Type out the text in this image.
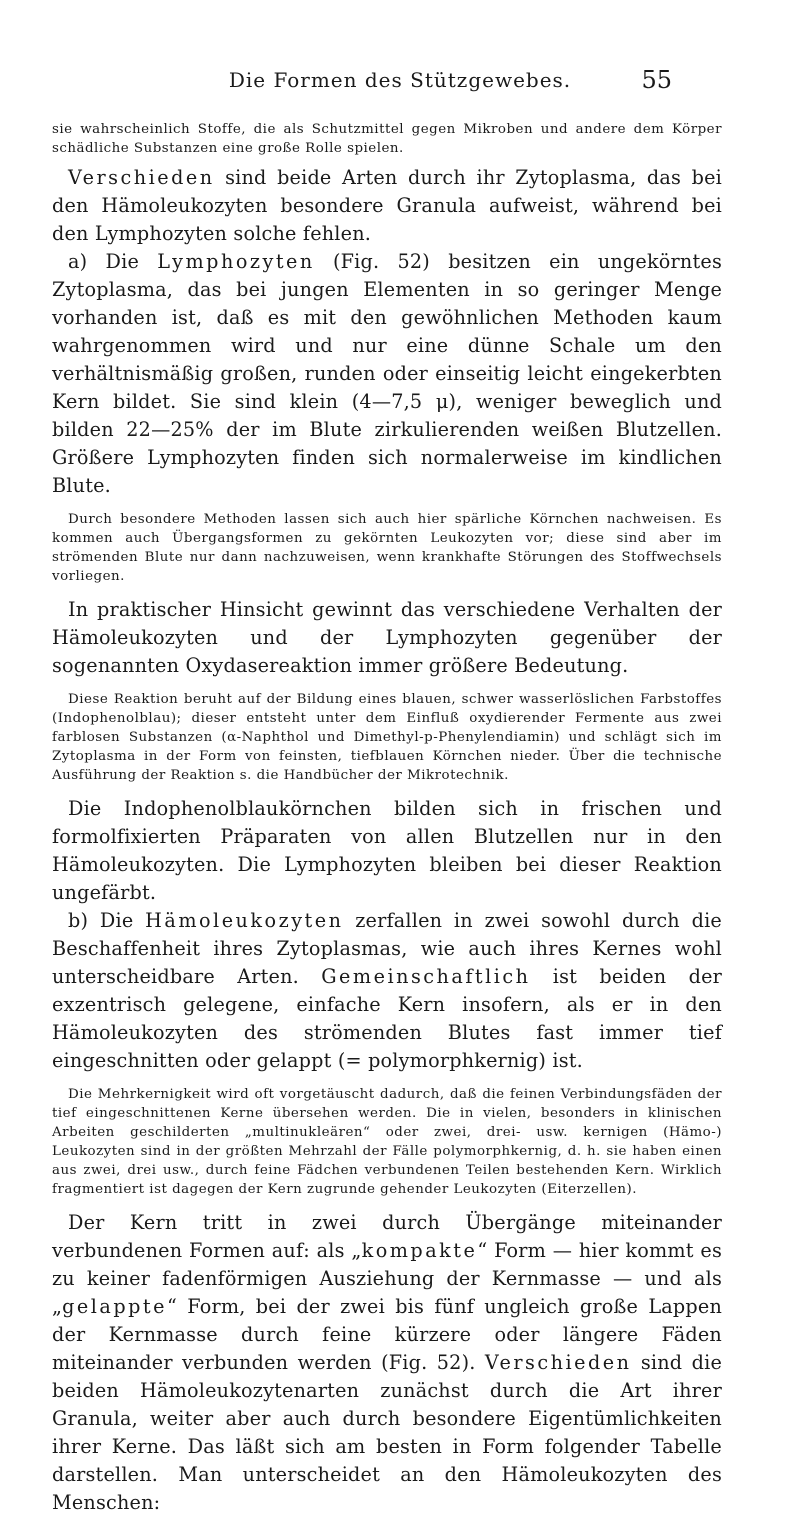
Die Formen des Stützgewebes.	55

sie wahrscheinlich Stoffe, die als Schutzmittel gegen Mikroben und andere dem Körper schädliche Substanzen eine große Rolle spielen.

Verschieden sind beide Arten durch ihr Zytoplasma, das bei den Hämoleukozyten besondere Granula aufweist, während bei den Lymphozyten solche fehlen.

a) Die Lymphozyten (Fig. 52) besitzen ein ungekörntes Zytoplasma, das bei jungen Elementen in so geringer Menge vorhanden ist, daß es mit den gewöhnlichen Methoden kaum wahrgenommen wird und nur eine dünne Schale um den verhältnismäßig großen, runden oder einseitig leicht eingekerbten Kern bildet. Sie sind klein (4—7,5 μ), weniger beweglich und bilden 22—25% der im Blute zirkulierenden weißen Blutzellen. Größere Lymphozyten finden sich normalerweise im kindlichen Blute.

Durch besondere Methoden lassen sich auch hier spärliche Körnchen nachweisen. Es kommen auch Übergangsformen zu gekörnten Leukozyten vor; diese sind aber im strömenden Blute nur dann nachzuweisen, wenn krankhafte Störungen des Stoffwechsels vorliegen.

In praktischer Hinsicht gewinnt das verschiedene Verhalten der Hämoleukozyten und der Lymphozyten gegenüber der sogenannten Oxydasereaktion immer größere Bedeutung.

Diese Reaktion beruht auf der Bildung eines blauen, schwer wasserlöslichen Farbstoffes (Indophenolblau); dieser entsteht unter dem Einfluß oxydierender Fermente aus zwei farblosen Substanzen (α-Naphthol und Dimethyl-p-Phenylendiamin) und schlägt sich im Zytoplasma in der Form von feinsten, tiefblauen Körnchen nieder. Über die technische Ausführung der Reaktion s. die Handbücher der Mikrotechnik.

Die Indophenolblaukörnchen bilden sich in frischen und formolfixierten Präparaten von allen Blutzellen nur in den Hämoleukozyten. Die Lymphozyten bleiben bei dieser Reaktion ungefärbt.

b) Die Hämoleukozyten zerfallen in zwei sowohl durch die Beschaffenheit ihres Zytoplasmas, wie auch ihres Kernes wohl unterscheidbare Arten. Gemeinschaftlich ist beiden der exzentrisch gelegene, einfache Kern insofern, als er in den Hämoleukozyten des strömenden Blutes fast immer tief eingeschnitten oder gelappt (= polymorphkernig) ist.

Die Mehrkernigkeit wird oft vorgetäuscht dadurch, daß die feinen Verbindungsfäden der tief eingeschnittenen Kerne übersehen werden. Die in vielen, besonders in klinischen Arbeiten geschilderten „multinukleären“ oder zwei, drei- usw. kernigen (Hämo-) Leukozyten sind in der größten Mehrzahl der Fälle polymorphkernig, d. h. sie haben einen aus zwei, drei usw., durch feine Fädchen verbundenen Teilen bestehenden Kern. Wirklich fragmentiert ist dagegen der Kern zugrunde gehender Leukozyten (Eiterzellen).

Der Kern tritt in zwei durch Übergänge miteinander verbundenen Formen auf: als „kompakte“ Form — hier kommt es zu keiner fadenförmigen Ausziehung der Kernmasse — und als „gelappte“ Form, bei der zwei bis fünf ungleich große Lappen der Kernmasse durch feine kürzere oder längere Fäden miteinander verbunden werden (Fig. 52). Verschieden sind die beiden Hämoleukozytenarten zunächst durch die Art ihrer Granula, weiter aber auch durch besondere Eigentümlichkeiten ihrer Kerne. Das läßt sich am besten in Form folgender Tabelle darstellen. Man unterscheidet an den Hämoleukozyten des Menschen:
